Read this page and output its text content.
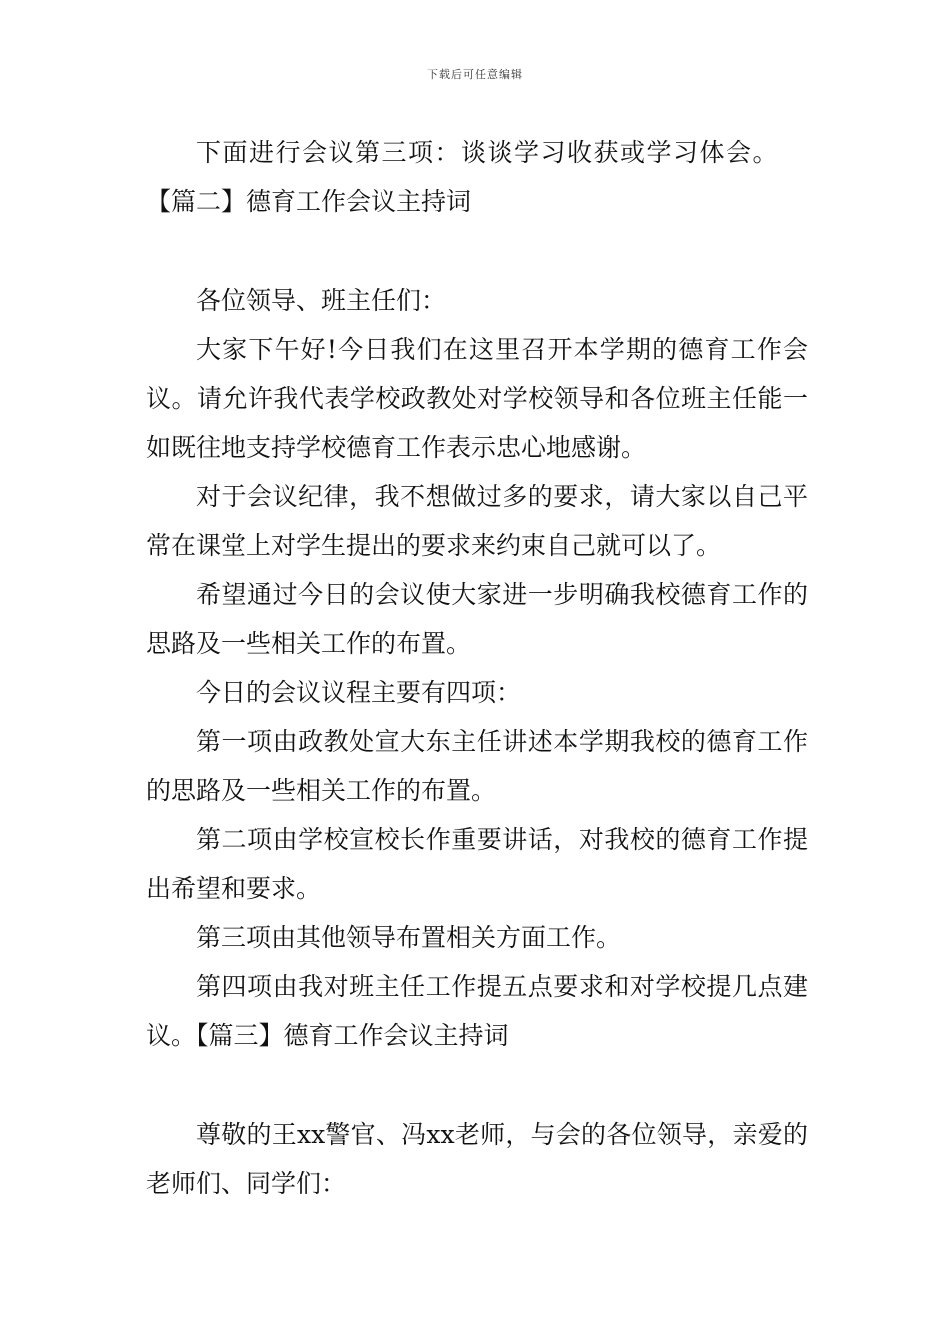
下载后可任意编辑

下面进行会议第三项：谈谈学习收获或学习体会。

【篇二】德育工作会议主持词

各位领导、班主任们：

大家下午好!今日我们在这里召开本学期的德育工作会议。请允许我代表学校政教处对学校领导和各位班主任能一如既往地支持学校德育工作表示忠心地感谢。

对于会议纪律，我不想做过多的要求，请大家以自己平常在课堂上对学生提出的要求来约束自己就可以了。

希望通过今日的会议使大家进一步明确我校德育工作的思路及一些相关工作的布置。

今日的会议议程主要有四项：

第一项由政教处宣大东主任讲述本学期我校的德育工作的思路及一些相关工作的布置。

第二项由学校宣校长作重要讲话，对我校的德育工作提出希望和要求。

第三项由其他领导布置相关方面工作。

第四项由我对班主任工作提五点要求和对学校提几点建议。【篇三】德育工作会议主持词

尊敬的王xx警官、冯xx老师，与会的各位领导，亲爱的老师们、同学们：
